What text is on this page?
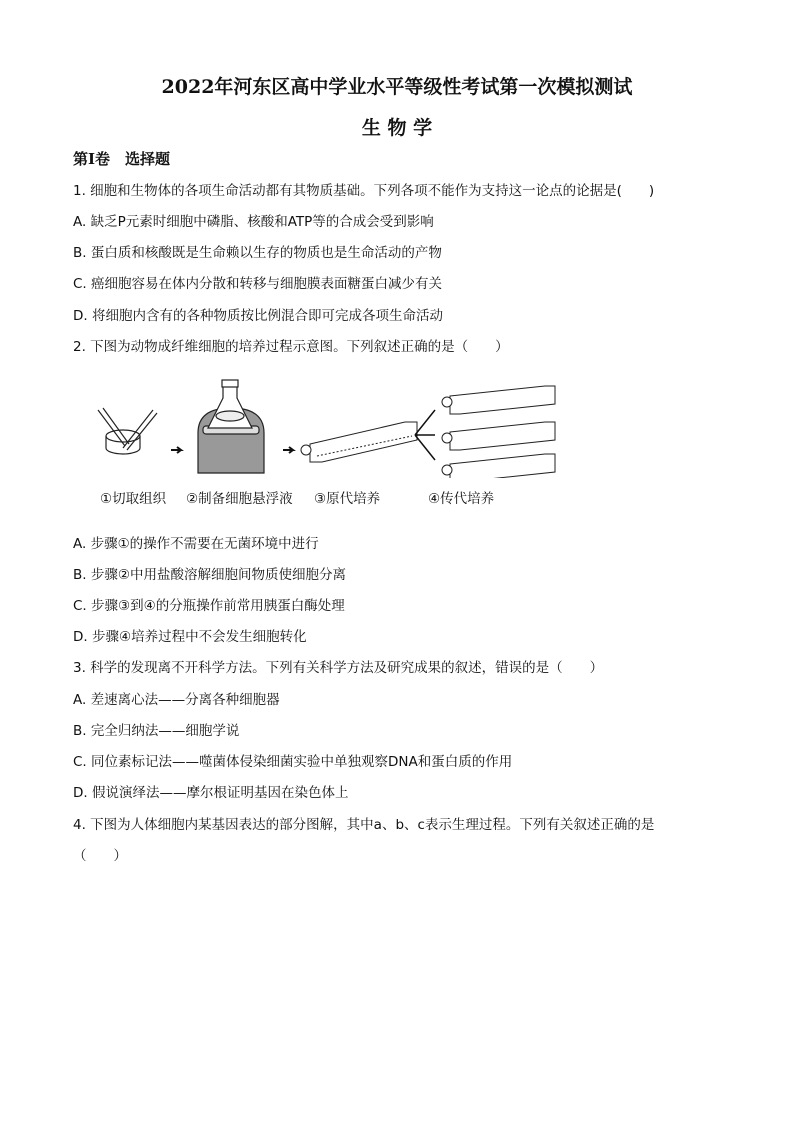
2022年河东区高中学业水平等级性考试第一次模拟测试
生 物 学
第Ⅰ卷　选择题
1. 细胞和生物体的各项生命活动都有其物质基础。下列各项不能作为支持这一论点的论据是(　　)
A. 缺乏P元素时细胞中磷脂、核酸和ATP等的合成会受到影响
B. 蛋白质和核酸既是生命赖以生存的物质也是生命活动的产物
C. 癌细胞容易在体内分散和转移与细胞膜表面糖蛋白减少有关
D. 将细胞内含有的各种物质按比例混合即可完成各项生命活动
2. 下图为动物成纤维细胞的培养过程示意图。下列叙述正确的是（　　）
①切取组织 ②制备细胞悬浮液 ③原代培养	④传代培养
A. 步骤①的操作不需要在无菌环境中进行
B. 步骤②中用盐酸溶解细胞间物质使细胞分离
C. 步骤③到④的分瓶操作前常用胰蛋白酶处理
D. 步骤④培养过程中不会发生细胞转化
3. 科学的发现离不开科学方法。下列有关科学方法及研究成果的叙述，错误的是（　　）
A. 差速离心法——分离各种细胞器
B. 完全归纳法——细胞学说
C. 同位素标记法——噬菌体侵染细菌实验中单独观察DNA和蛋白质的作用
D. 假说演绎法——摩尔根证明基因在染色体上
4. 下图为人体细胞内某基因表达的部分图解，其中a、b、c表示生理过程。下列有关叙述正确的是
（　　）
